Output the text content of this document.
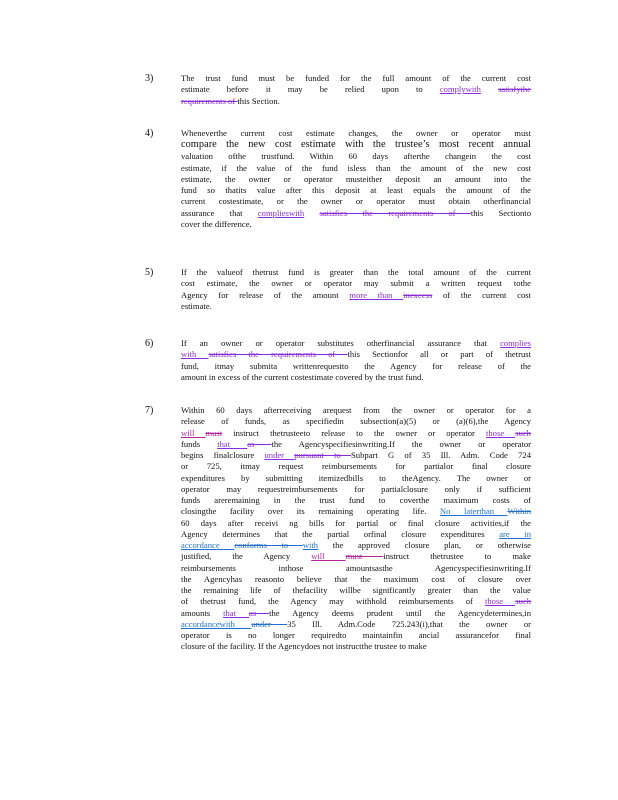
3)	The trust fund must be funded for the full amount of the current cost
estimate before it may be relied upon to complywith satisfythe
requirements of this Section.
4)	Wheneverthe current cost estimate changes, the owner or operator must
compare the new cost estimate with the trustee’s most recent annual
valuation ofthe trustfund. Within 60 days afterthe changein the cost
estimate, if the value of the fund isless than the amount of the new cost
estimate, the owner or operator musteither deposit an amount into the
fund so thatits value after this deposit at least equals the amount of the
current costestimate, or the owner or operator must obtain otherfinancial
assurance that complieswith satisfies the requirements of this Sectionto
cover the difference.
5)	If the valueof thetrust fund is greater than the total amount of the current
cost estimate, the owner or operator may submit a written request tothe
Agency for release of the amount more than inexcess of the current cost
estimate.
6)	If an owner or operator substitutes otherfinancial assurance that complies
with satisfies the requirements of this Sectionfor all or part of thetrust
fund, itmay submita writtenrequestto the Agency for release of the
amount in excess of the current costestimate covered by the trust fund.
7)	Within 60 days afterreceiving arequest from the owner or operator for a
release of funds, as specifiedin subsection(a)(5) or (a)(6),the Agency
will must instruct thetrusteeto release to the owner or operator those such
funds that as the Agencyspecifiesinwriting.If the owner or operator
begins finalclosure under pursuant to Subpart G of 35 Ill. Adm. Code 724
or 725, itmay request reimbursements for partialor final closure
expenditures by submitting itemizedbills to theAgency. The owner or
operator may requestreimbursements for partialclosure only if sufficient
funds areremaining in the trust fund to coverthe maximum costs of
closingthe facility over its remaining operating life. No laterthan Within
60 days after receivi ng bills for partial or final closure activities,if the
Agency determines that the partial orfinal closure expenditures are in
accordance conforms to with the approved closure plan, or otherwise
justified, the Agency will must instruct thetrustee to make
reimbursements inthose amountsasthe Agencyspecifiesinwriting.If
the Agencyhas reasonto believe that the maximum cost of closure over
the remaining life of thefacility willbe significantly greater than the value
of thetrust fund, the Agency may withhold reimbursements of those such
amounts that as the Agency deems prudent until the Agencydetermines,in
accordancewith under 35 Ill. Adm.Code 725.243(i),that the owner or
operator is no longer requiredto maintainfin ancial assurancefor final
closure of the facility. If the Agencydoes not instructthe trustee to make
